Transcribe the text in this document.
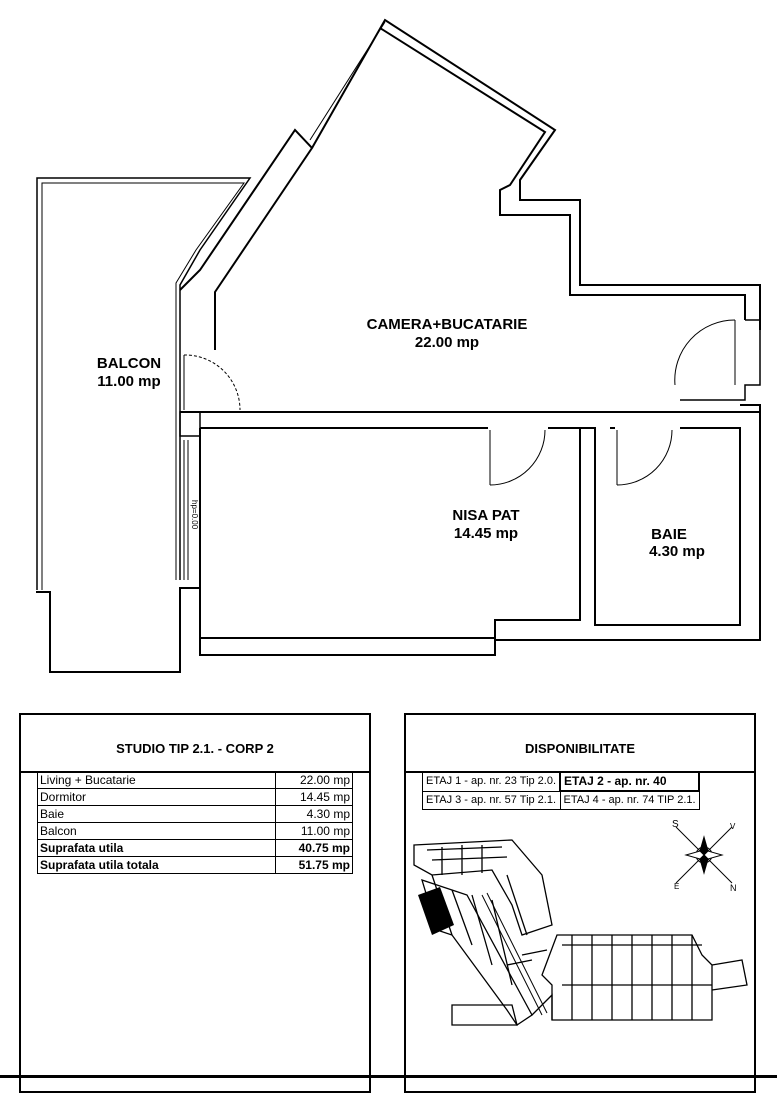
CAMERA+BUCATARIE
22.00 mp
BALCON
11.00 mp
NISA PAT
14.45 mp	BAIE
4.30 mp
hp=0.00
STUDIO TIP 2.1. - CORP 2
Living + Bucatarie	22.00 mp
Dormitor	14.45 mp
Baie	4.30 mp
Balcon	11.00 mp
Suprafata utila	40.75 mp
Suprafata utila totala	51.75 mp
DISPONIBILITATE
ETAJ 1 - ap. nr. 23 Tip 2.0.	ETAJ 2 - ap. nr. 40
ETAJ 3 - ap. nr. 57 Tip 2.1.	ETAJ 4 - ap. nr. 74 TIP 2.1.
S	V
E	N
